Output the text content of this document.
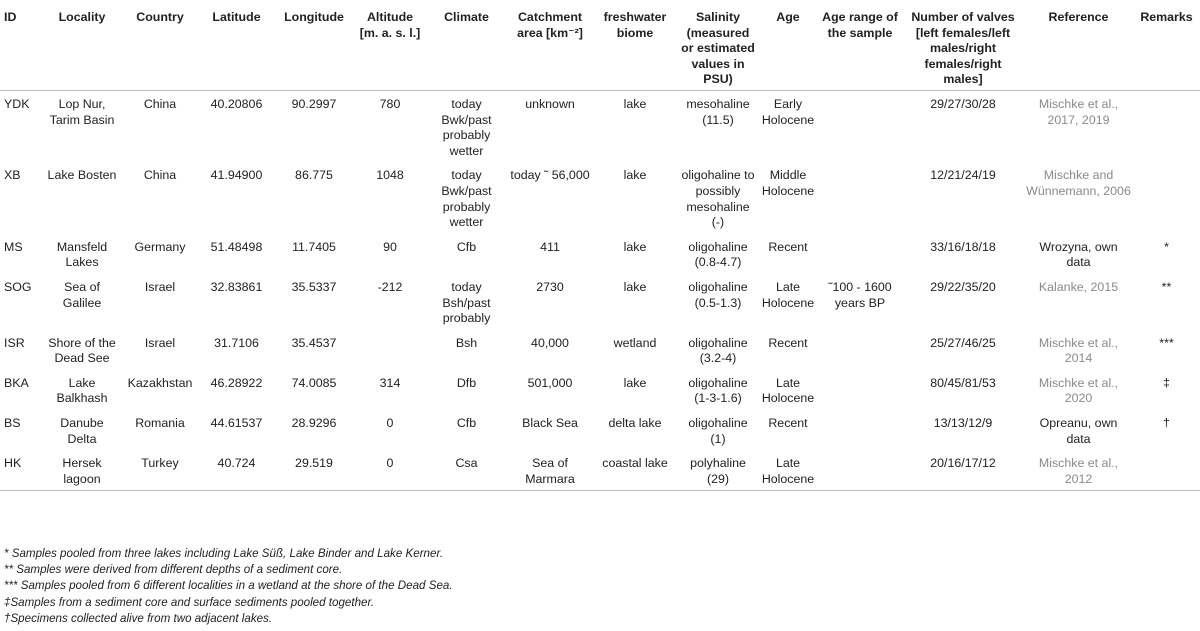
ID	Locality	Country	Latitude	Longitude	Altitude [m. a. s. l.]	Climate	Catchment area [km⁻²]	freshwater biome	Salinity (measured or estimated values in PSU)	Age	Age range of the sample	Number of valves [left females/left males/right females/right males]	Reference	Remarks
YDK	Lop Nur, Tarim Basin	China	40.20806	90.2997	780	today Bwk/past probably wetter	unknown	lake	mesohaline (11.5)	Early Holocene		29/27/30/28	Mischke et al., 2017, 2019	
XB	Lake Bosten	China	41.94900	86.775	1048	today Bwk/past probably wetter	today ˜ 56,000	lake	oligohaline to possibly mesohaline (-)	Middle Holocene		12/21/24/19	Mischke and Wünnemann, 2006	
MS	Mansfeld Lakes	Germany	51.48498	11.7405	90	Cfb	411	lake	oligohaline (0.8-4.7)	Recent		33/16/18/18	Wrozyna, own data	*
SOG	Sea of Galilee	Israel	32.83861	35.5337	-212	today Bsh/past probably	2730	lake	oligohaline (0.5-1.3)	Late Holocene	˜100 - 1600 years BP	29/22/35/20	Kalanke, 2015	**
ISR	Shore of the Dead See	Israel	31.7106	35.4537		Bsh	40,000	wetland	oligohaline (3.2-4)	Recent		25/27/46/25	Mischke et al., 2014	***
BKA	Lake Balkhash	Kazakhstan	46.28922	74.0085	314	Dfb	501,000	lake	oligohaline (1-3-1.6)	Late Holocene		80/45/81/53	Mischke et al., 2020	‡
BS	Danube Delta	Romania	44.61537	28.9296	0	Cfb	Black Sea	delta lake	oligohaline (1)	Recent		13/13/12/9	Opreanu, own data	†
HK	Hersek lagoon	Turkey	40.724	29.519	0	Csa	Sea of Marmara	coastal lake	polyhaline (29)	Late Holocene		20/16/17/12	Mischke et al., 2012	
* Samples pooled from three lakes including Lake Süß, Lake Binder and Lake Kerner.
** Samples were derived from different depths of a sediment core.
*** Samples pooled from 6 different localities in a wetland at the shore of the Dead Sea.
‡Samples from a sediment core and surface sediments pooled together.
†Specimens collected alive from two adjacent lakes.
